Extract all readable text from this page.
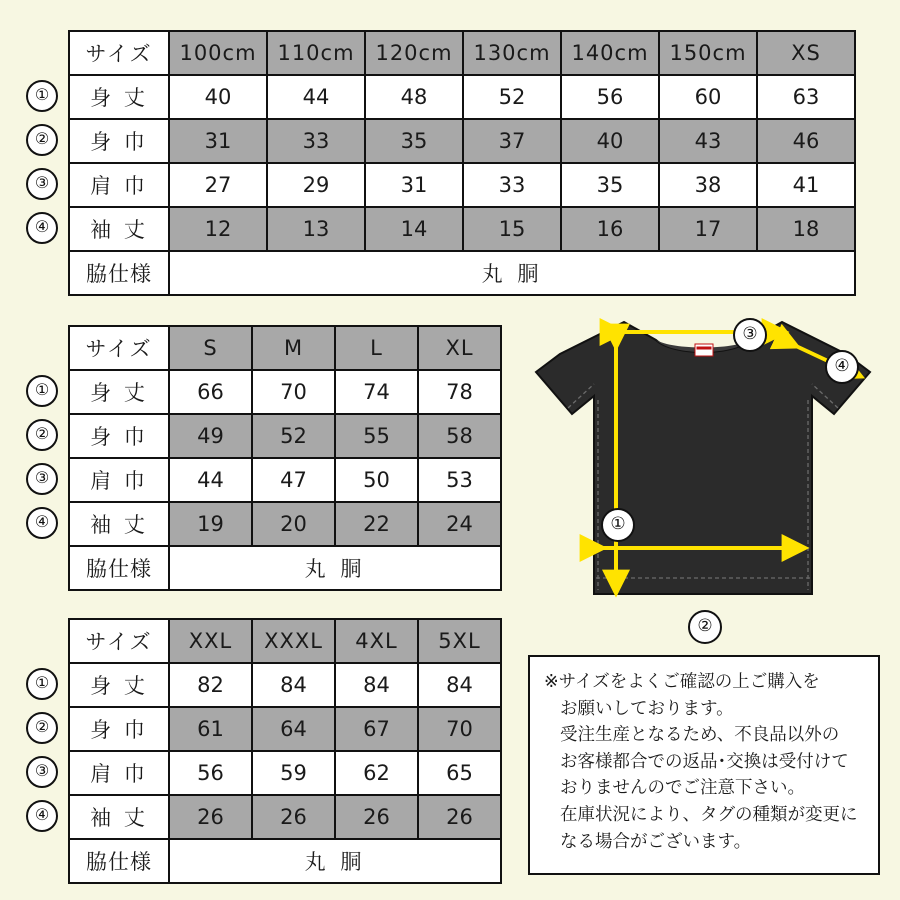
①
②
③
④
サイズ	100cm	110cm	120cm	130cm	140cm	150cm	XS
身 丈	40	44	48	52	56	60	63
身 巾	31	33	35	37	40	43	46
肩 巾	27	29	31	33	35	38	41
袖 丈	12	13	14	15	16	17	18
脇仕様	丸 胴						
①
②
③
④
サイズ	S	M	L	XL
身 丈	66	70	74	78
身 巾	49	52	55	58
肩 巾	44	47	50	53
袖 丈	19	20	22	24
脇仕様	丸 胴			
①
②
③
④
サイズ	XXL	XXXL	4XL	5XL
身 丈	82	84	84	84
身 巾	61	64	67	70
肩 巾	56	59	62	65
袖 丈	26	26	26	26
脇仕様	丸 胴			
③
④
①
②

※サイズをよくご確認の上ご購入を

お願いしております。

受注生産となるため、不良品以外の

お客様都合での返品･交換は受付けて

おりませんのでご注意下さい。

在庫状況により、タグの種類が変更に

なる場合がございます。
